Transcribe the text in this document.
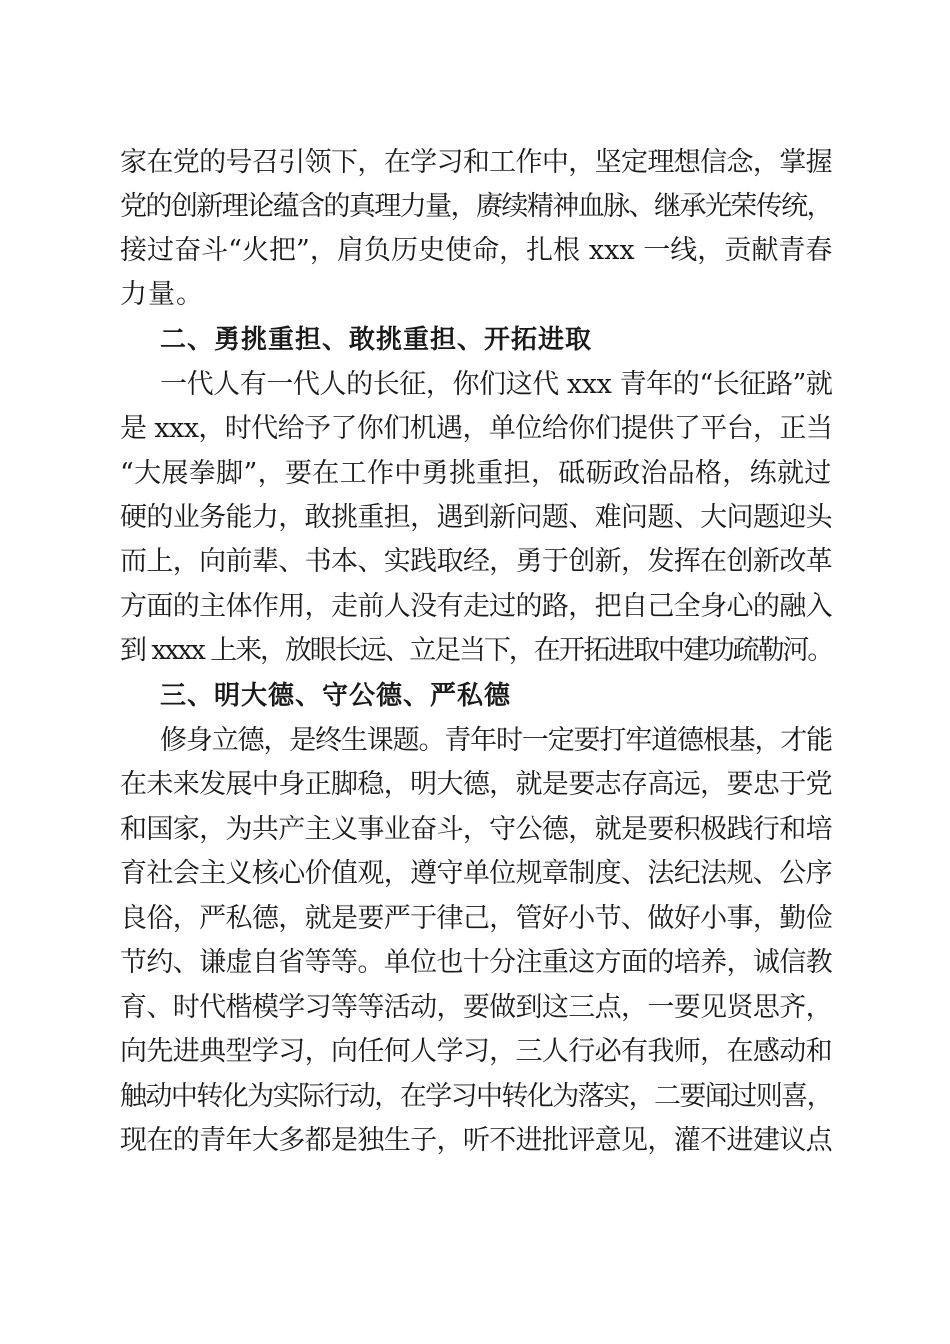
家在党的号召引领下，在学习和工作中，坚定理想信念，掌握
党的创新理论蕴含的真理力量，赓续精神血脉、继承光荣传统，
接过奋斗“火把”，肩负历史使命，扎根 xxx 一线，贡献青春
力量。
二、勇挑重担、敢挑重担、开拓进取
一代人有一代人的长征，你们这代 xxx 青年的“长征路”就
是 xxx，时代给予了你们机遇，单位给你们提供了平台，正当
“大展拳脚”，要在工作中勇挑重担，砥砺政治品格，练就过
硬的业务能力，敢挑重担，遇到新问题、难问题、大问题迎头
而上，向前辈、书本、实践取经，勇于创新，发挥在创新改革
方面的主体作用，走前人没有走过的路，把自己全身心的融入
到 xxxx 上来，放眼长远、立足当下，在开拓进取中建功疏勒河。
三、明大德、守公德、严私德
修身立德，是终生课题。青年时一定要打牢道德根基，才能
在未来发展中身正脚稳，明大德，就是要志存高远，要忠于党
和国家，为共产主义事业奋斗，守公德，就是要积极践行和培
育社会主义核心价值观，遵守单位规章制度、法纪法规、公序
良俗，严私德，就是要严于律己，管好小节、做好小事，勤俭
节约、谦虚自省等等。单位也十分注重这方面的培养，诚信教
育、时代楷模学习等等活动，要做到这三点，一要见贤思齐，
向先进典型学习，向任何人学习，三人行必有我师，在感动和
触动中转化为实际行动，在学习中转化为落实，二要闻过则喜，
现在的青年大多都是独生子，听不进批评意见，灌不进建议点
